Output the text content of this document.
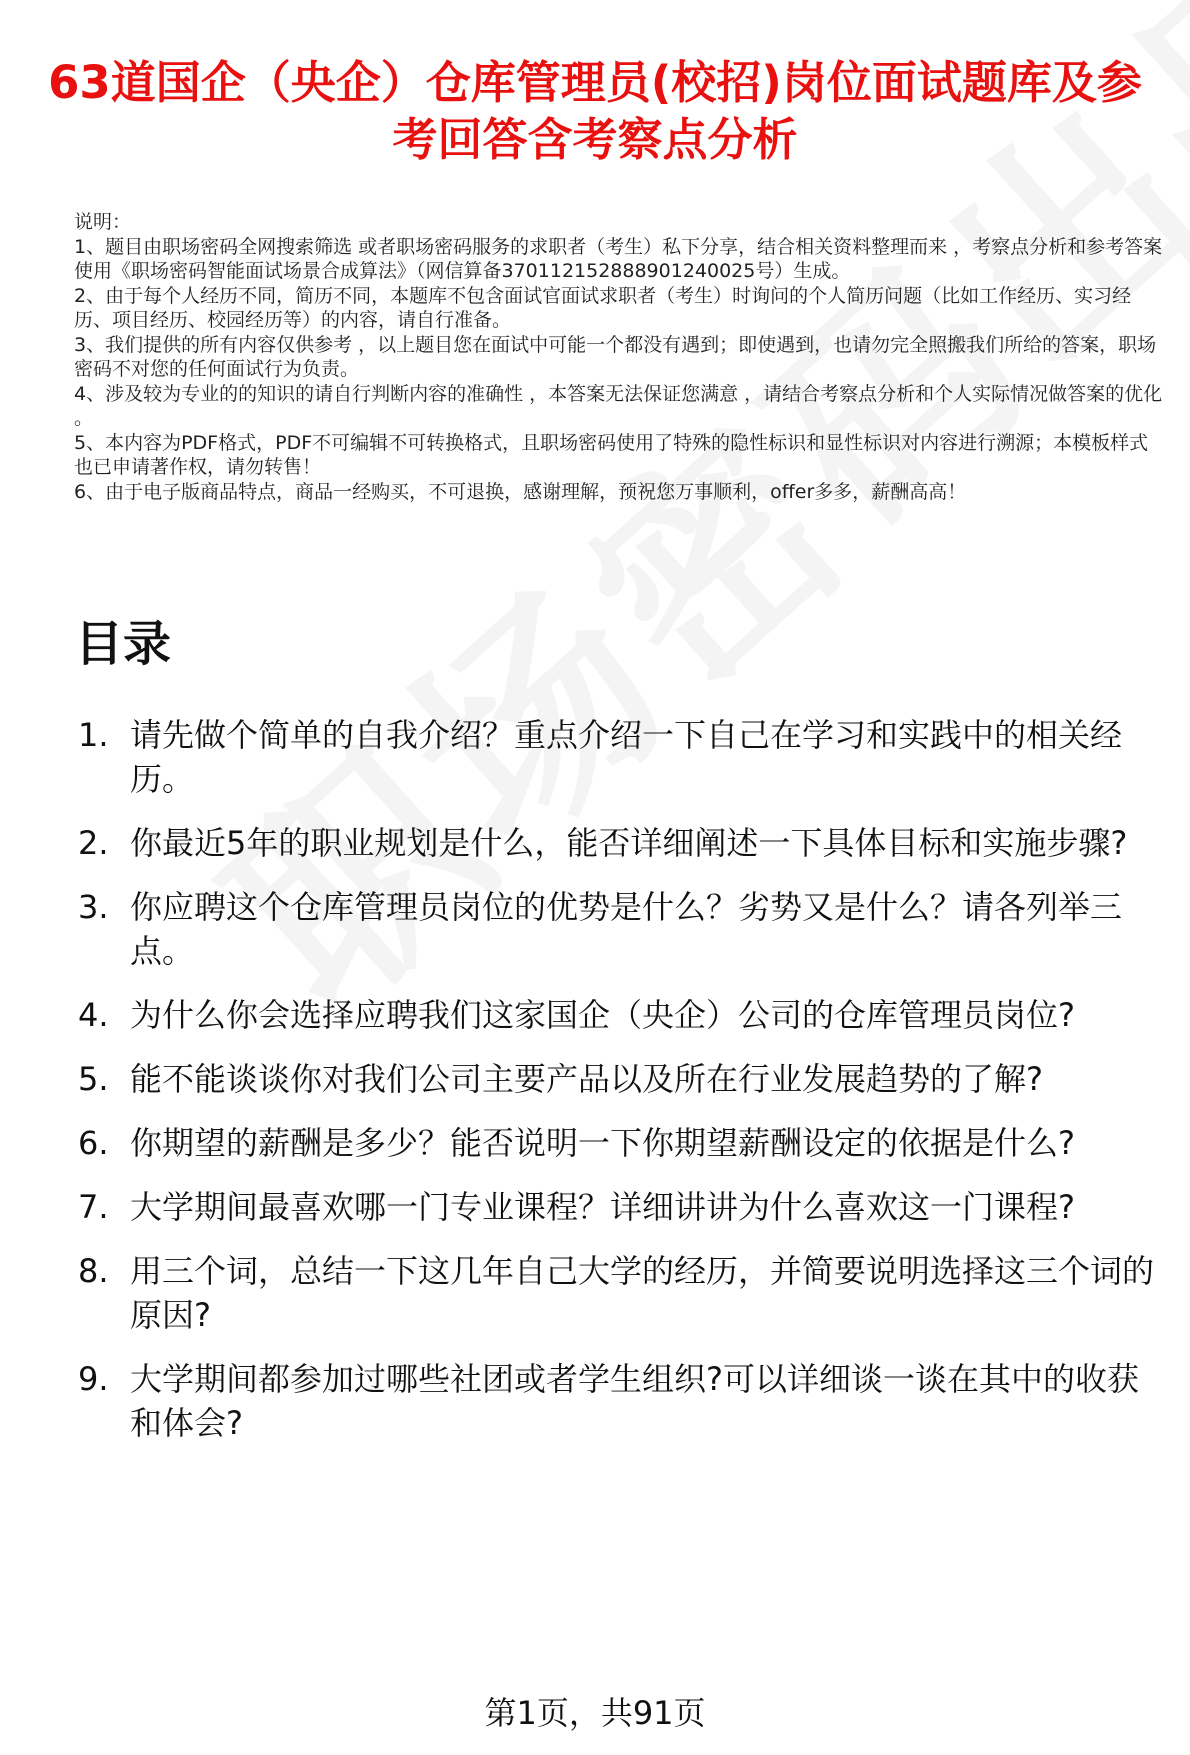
63道国企（央企）仓库管理员(校招)岗位面试题库及参考回答含考察点分析

说明：

1、题目由职场密码全网搜索筛选 或者职场密码服务的求职者（考生）私下分享，结合相关资料整理而来 ，考察点分析和参考答案使用《职场密码智能面试场景合成算法》（网信算备370112152888901240025号）生成。

2、由于每个人经历不同，简历不同，本题库不包含面试官面试求职者（考生）时询问的个人简历问题（比如工作经历、实习经历、项目经历、校园经历等）的内容，请自行准备。

3、我们提供的所有内容仅供参考 ，以上题目您在面试中可能一个都没有遇到；即使遇到，也请勿完全照搬我们所给的答案，职场密码不对您的任何面试行为负责。

4、涉及较为专业的的知识的请自行判断内容的准确性 ，本答案无法保证您满意 ，请结合考察点分析和个人实际情况做答案的优化 。

5、本内容为PDF格式，PDF不可编辑不可转换格式，且职场密码使用了特殊的隐性标识和显性标识对内容进行溯源；本模板样式也已申请著作权，请勿转售！

6、由于电子版商品特点，商品一经购买，不可退换，感谢理解，预祝您万事顺利，offer多多，薪酬高高！

目录
1. 请先做个简单的自我介绍？重点介绍一下自己在学习和实践中的相关经历。
2. 你最近5年的职业规划是什么，能否详细阐述一下具体目标和实施步骤?
3. 你应聘这个仓库管理员岗位的优势是什么？劣势又是什么？请各列举三点。
4. 为什么你会选择应聘我们这家国企（央企）公司的仓库管理员岗位?
5. 能不能谈谈你对我们公司主要产品以及所在行业发展趋势的了解?
6. 你期望的薪酬是多少？能否说明一下你期望薪酬设定的依据是什么?
7. 大学期间最喜欢哪一门专业课程？详细讲讲为什么喜欢这一门课程?
8. 用三个词，总结一下这几年自己大学的经历，并简要说明选择这三个词的原因?
9. 大学期间都参加过哪些社团或者学生组织?可以详细谈一谈在其中的收获和体会?
第1页，共91页
